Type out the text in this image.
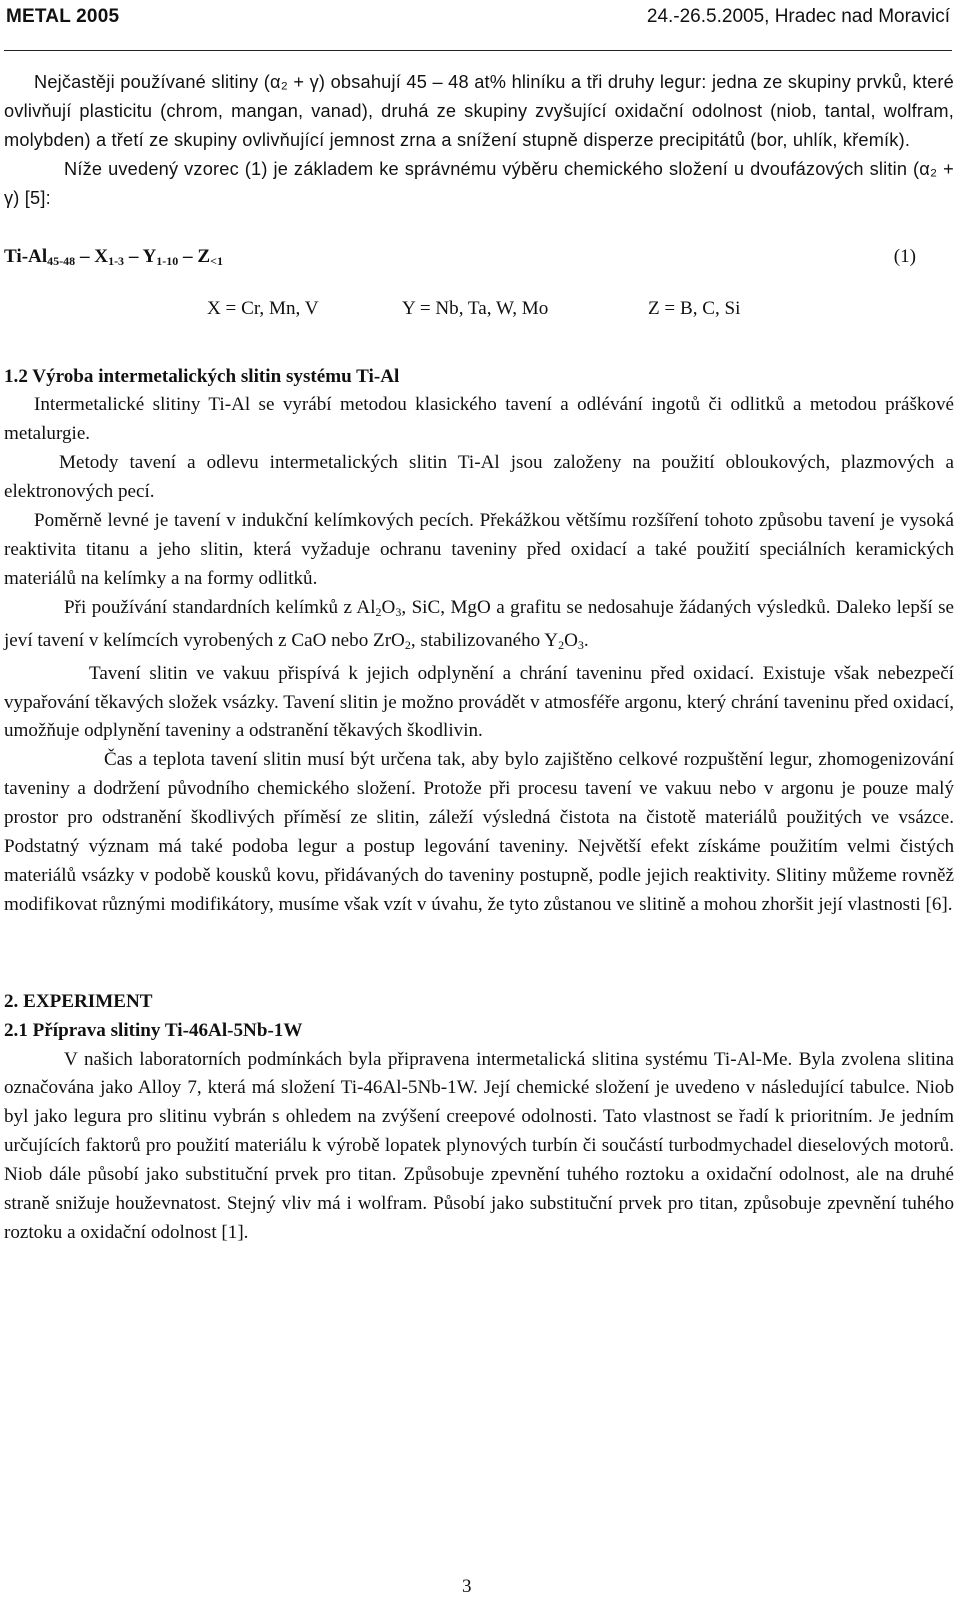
METAL 2005	24.-26.5.2005, Hradec nad Moravicí

Nejčastěji používané slitiny (α₂ + γ) obsahují 45 – 48 at% hliníku a tři druhy legur: jedna ze skupiny prvků, které ovlivňují plasticitu (chrom, mangan, vanad), druhá ze skupiny zvyšující oxidační odolnost (niob, tantal, wolfram, molybden) a třetí ze skupiny ovlivňující jemnost zrna a snížení stupně disperze precipitátů (bor, uhlík, křemík).

Níže uvedený vzorec (1) je základem ke správnému výběru chemického složení u dvoufázových slitin (α₂ + γ) [5]:

$Ti-Al_{45-48} - X_{1-3} - Y_{1-10} - Z_{<1}$	(1)
X = Cr, Mn, V	Y = Nb, Ta, W, Mo	Z = B, C, Si

1.2 Výroba intermetalických slitin systému Ti-Al

Intermetalické slitiny Ti-Al se vyrábí metodou klasického tavení a odlévání ingotů či odlitků a metodou práškové metalurgie.

Metody tavení a odlevu intermetalických slitin Ti-Al jsou založeny na použití obloukových, plazmových a elektronových pecí.

Poměrně levné je tavení v indukční kelímkových pecích. Překážkou většímu rozšíření tohoto způsobu tavení je vysoká reaktivita titanu a jeho slitin, která vyžaduje ochranu taveniny před oxidací a také použití speciálních keramických materiálů na kelímky a na formy odlitků.

Při používání standardních kelímků z $Al_2O_3$, SiC, MgO a grafitu se nedosahuje žádaných výsledků. Daleko lepší se jeví tavení v kelímcích vyrobených z CaO nebo ZrO$_2$, stabilizovaného $Y_2O_3$.

Tavení slitin ve vakuu přispívá k jejich odplynění a chrání taveninu před oxidací. Existuje však nebezpečí vypařování těkavých složek vsázky. Tavení slitin je možno provádět v atmosféře argonu, který chrání taveninu před oxidací, umožňuje odplynění taveniny a odstranění těkavých škodlivin.

Čas a teplota tavení slitin musí být určena tak, aby bylo zajištěno celkové rozpuštění legur, zhomogenizování taveniny a dodržení původního chemického složení. Protože při procesu tavení ve vakuu nebo v argonu je pouze malý prostor pro odstranění škodlivých příměsí ze slitin, záleží výsledná čistota na čistotě materiálů použitých ve vsázce. Podstatný význam má také podoba legur a postup legování taveniny. Největší efekt získáme použitím velmi čistých materiálů vsázky v podobě kousků kovu, přidávaných do taveniny postupně, podle jejich reaktivity. Slitiny můžeme rovněž modifikovat různými modifikátory, musíme však vzít v úvahu, že tyto zůstanou ve slitině a mohou zhoršit její vlastnosti [6].

2. EXPERIMENT

2.1 Příprava slitiny Ti-46Al-5Nb-1W

V našich laboratorních podmínkách byla připravena intermetalická slitina systému Ti-Al-Me. Byla zvolena slitina označována jako Alloy 7, která má složení Ti-46Al-5Nb-1W. Její chemické složení je uvedeno v následující tabulce. Niob byl jako legura pro slitinu vybrán s ohledem na zvýšení creepové odolnosti. Tato vlastnost se řadí k prioritním. Je jedním určujících faktorů pro použití materiálu k výrobě lopatek plynových turbín či součástí turbodmychadel dieselových motorů. Niob dále působí jako substituční prvek pro titan. Způsobuje zpevnění tuhého roztoku a oxidační odolnost, ale na druhé straně snižuje houževnatost. Stejný vliv má i wolfram. Působí jako substituční prvek pro titan, způsobuje zpevnění tuhého roztoku a oxidační odolnost [1].

3
